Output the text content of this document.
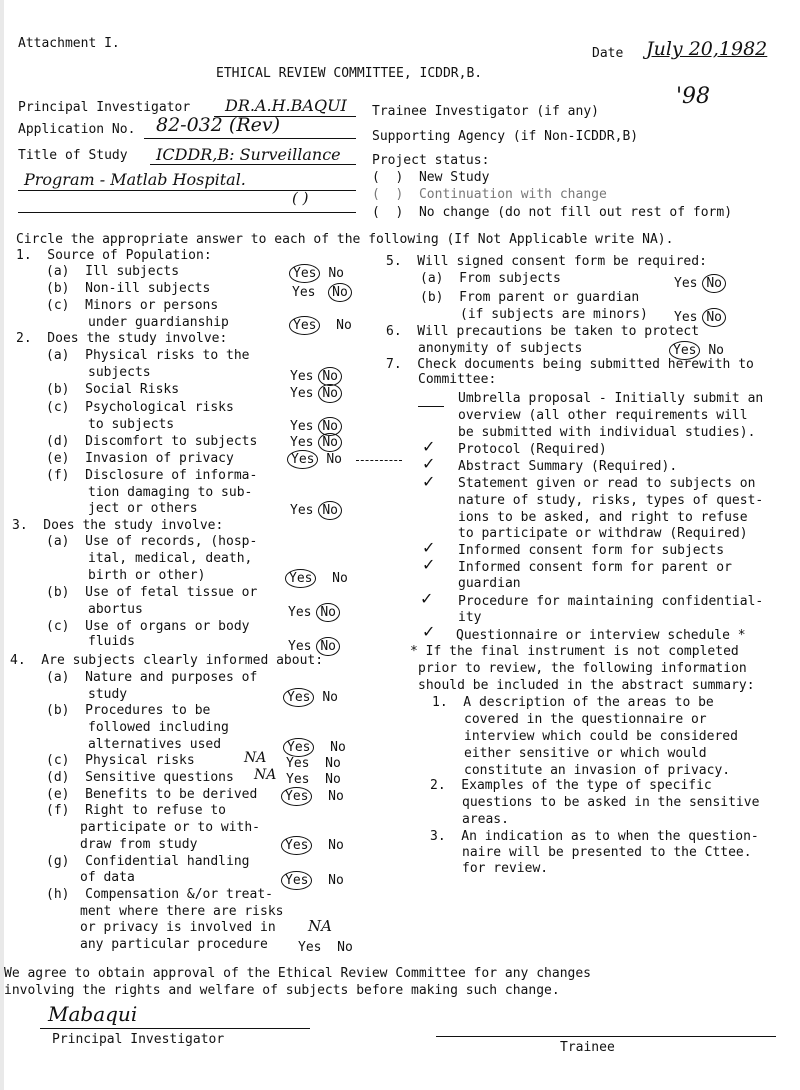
Attachment I.
ETHICAL REVIEW COMMITTEE, ICDDR,B.
Date July 20,1982
'98
Principal Investigator DR.A.H.BAQUI
Application No. 82-032 (Rev)
Title of Study ICDDR,B: Surveillance
Program - Matlab Hospital.
( )
Trainee Investigator (if any)
Supporting Agency (if Non-ICDDR,B)
Project status:
(  )  New Study
(  )  Continuation with change
(  )  No change (do not fill out rest of form)
Circle the appropriate answer to each of the following (If Not Applicable write NA).
1.  Source of Population:
(a)  Ill subjects	Yes No
(b)  Non-ill subjects	Yes No
(c)  Minors or persons
under guardianship	Yes No
2.  Does the study involve:
(a)  Physical risks to the
subjects	Yes No
(b)  Social Risks	Yes No
(c)  Psychological risks
to subjects	Yes No
(d)  Discomfort to subjects	Yes No
(e)  Invasion of privacy	Yes No
(f)  Disclosure of informa-
tion damaging to sub-
ject or others	Yes No
3.  Does the study involve:
(a)  Use of records, (hosp-
ital, medical, death,
birth or other)	Yes No
(b)  Use of fetal tissue or
abortus	Yes No
(c)  Use of organs or body
fluids	Yes No
4.  Are subjects clearly informed about:
(a)  Nature and purposes of
study	Yes No
(b)  Procedures to be
followed including
alternatives used	Yes No
(c)  Physical risks	NA Yes No
(d)  Sensitive questions NA Yes No
(e)  Benefits to be derived Yes No
(f)  Right to refuse to
participate or to with-
draw from study	Yes No
(g)  Confidential handling
of data	Yes No
(h)  Compensation &/or treat-
ment where there are risks
or privacy is involved in NA
any particular procedure Yes No
5.  Will signed consent form be required:
(a)  From subjects	Yes No
(b)  From parent or guardian
(if subjects are minors) Yes No
6.  Will precautions be taken to protect
anonymity of subjects	Yes No
7.  Check documents being submitted herewith to
Committee:
Umbrella proposal - Initially submit an
overview (all other requirements will
be submitted with individual studies).
✓ Protocol (Required)
✓ Abstract Summary (Required).
✓ Statement given or read to subjects on
nature of study, risks, types of quest-
ions to be asked, and right to refuse
to participate or withdraw (Required)
✓ Informed consent form for subjects
✓ Informed consent form for parent or
guardian
✓ Procedure for maintaining confidential-
ity
✓ Questionnaire or interview schedule *
* If the final instrument is not completed
prior to review, the following information
should be included in the abstract summary:
1.  A description of the areas to be
covered in the questionnaire or
interview which could be considered
either sensitive or which would
constitute an invasion of privacy.
2.  Examples of the type of specific
questions to be asked in the sensitive
areas.
3.  An indication as to when the question-
naire will be presented to the Cttee.
for review.
We agree to obtain approval of the Ethical Review Committee for any changes
involving the rights and welfare of subjects before making such change.
Mabaqui
Principal Investigator
Trainee
